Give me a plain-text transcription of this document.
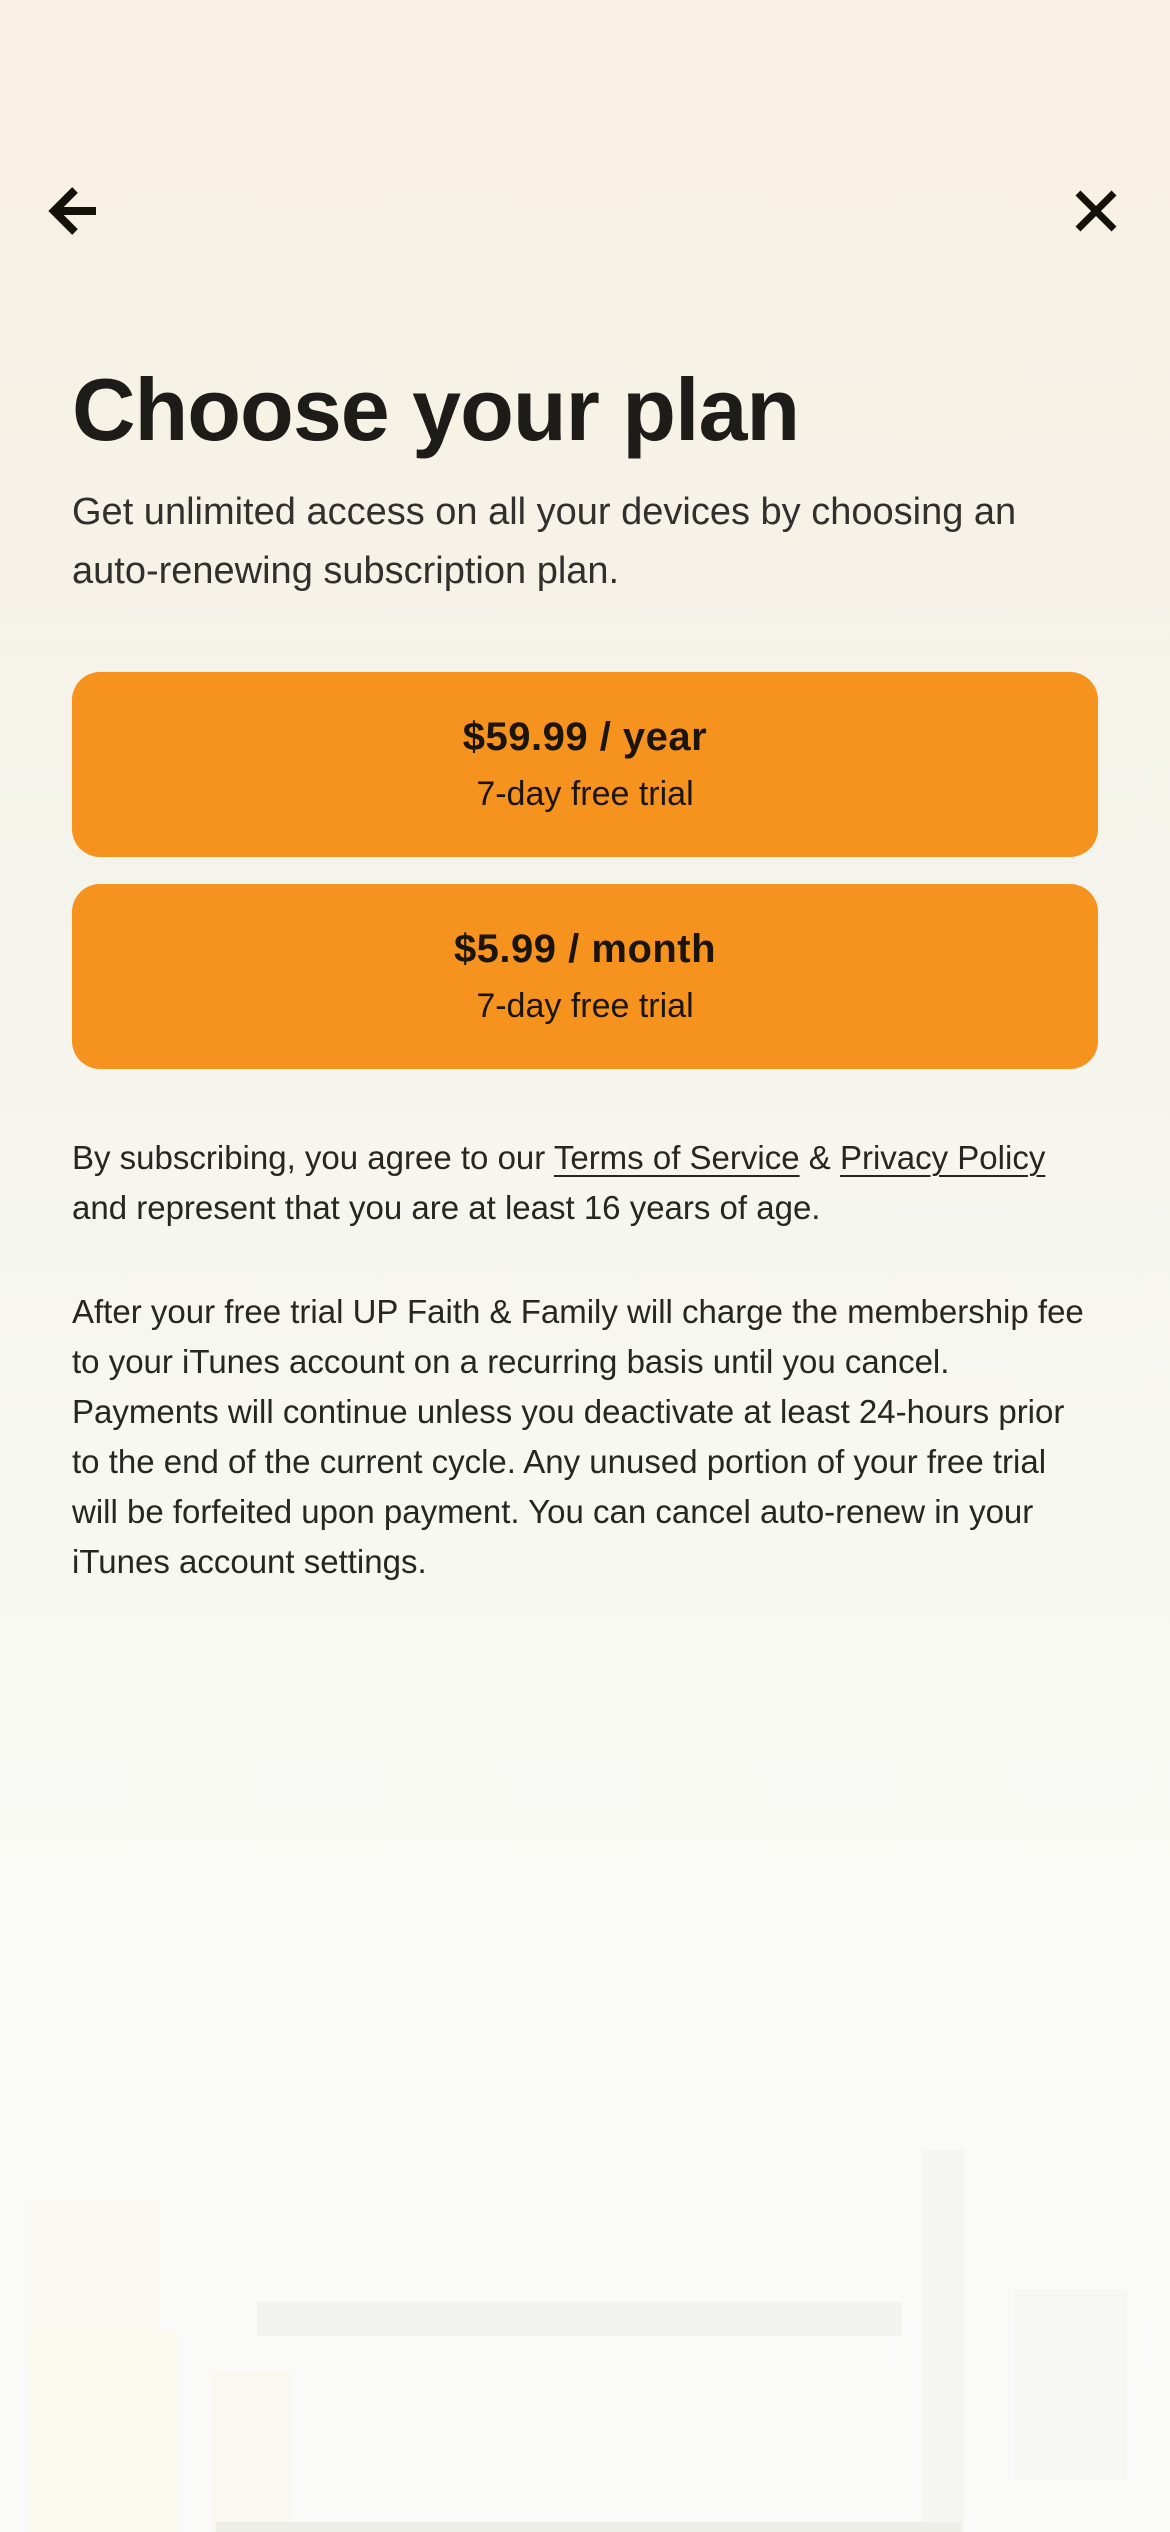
Choose your plan

Get unlimited access on all your devices by choosing an auto-renewing subscription plan.

$59.99 / year
7-day free trial
$5.99 / month
7-day free trial

By subscribing, you agree to our Terms of Service & Privacy Policy and represent that you are at least 16 years of age.

After your free trial UP Faith & Family will charge the membership fee to your iTunes account on a recurring basis until you cancel. Payments will continue unless you deactivate at least 24-hours prior to the end of the current cycle. Any unused portion of your free trial will be forfeited upon payment. You can cancel auto-renew in your iTunes account settings.
